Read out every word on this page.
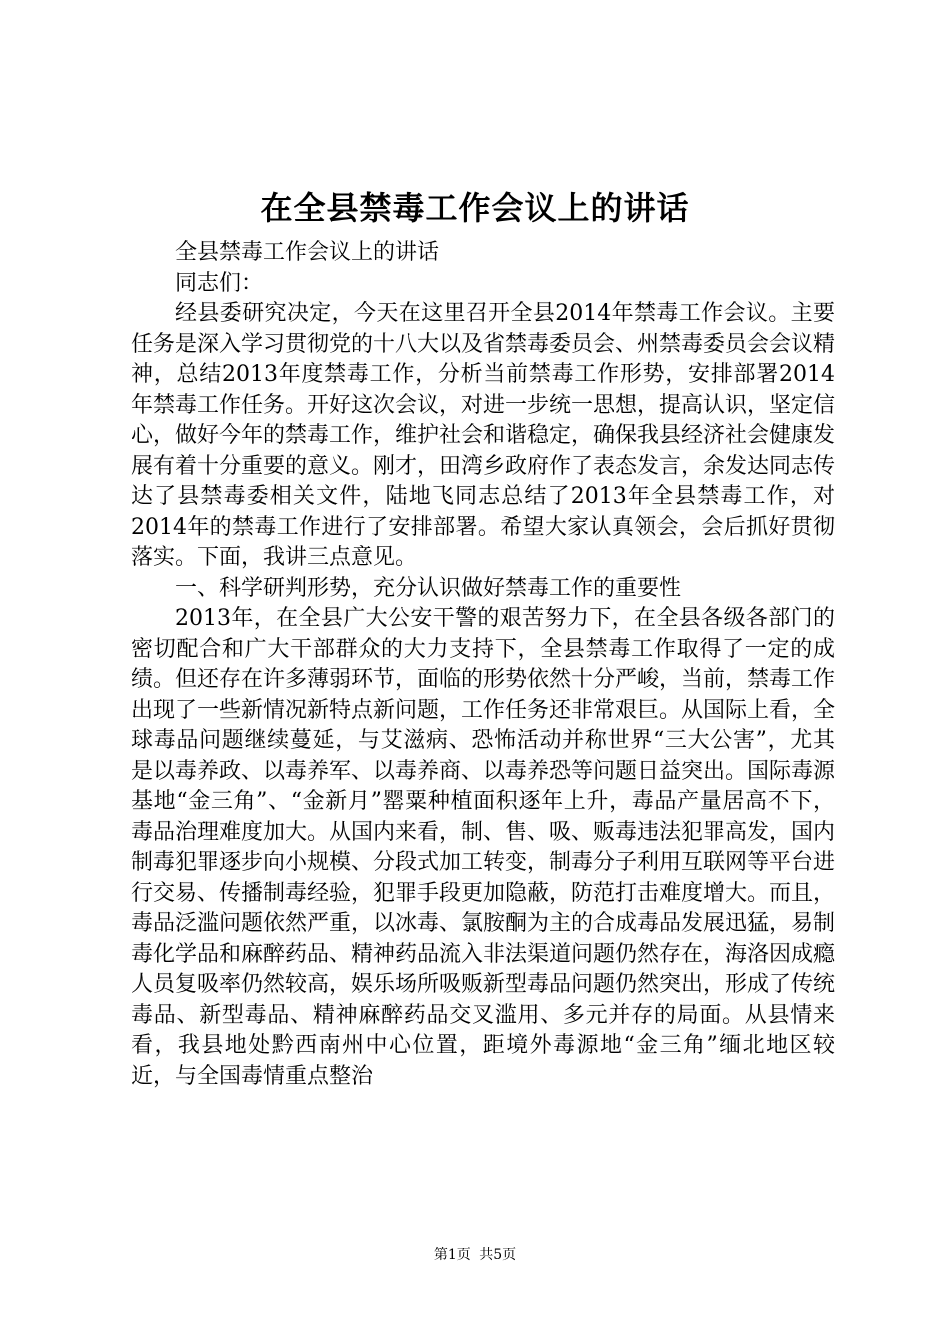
在全县禁毒工作会议上的讲话

全县禁毒工作会议上的讲话

同志们：

经县委研究决定，今天在这里召开全县2014年禁毒工作会议。主要任务是深入学习贯彻党的十八大以及省禁毒委员会、州禁毒委员会会议精神，总结2013年度禁毒工作，分析当前禁毒工作形势，安排部署2014年禁毒工作任务。开好这次会议，对进一步统一思想，提高认识，坚定信心，做好今年的禁毒工作，维护社会和谐稳定，确保我县经济社会健康发展有着十分重要的意义。刚才，田湾乡政府作了表态发言，余发达同志传达了县禁毒委相关文件，陆地飞同志总结了2013年全县禁毒工作，对2014年的禁毒工作进行了安排部署。希望大家认真领会，会后抓好贯彻落实。下面，我讲三点意见。

一、科学研判形势，充分认识做好禁毒工作的重要性

2013年，在全县广大公安干警的艰苦努力下，在全县各级各部门的密切配合和广大干部群众的大力支持下，全县禁毒工作取得了一定的成绩。但还存在许多薄弱环节，面临的形势依然十分严峻，当前，禁毒工作出现了一些新情况新特点新问题，工作任务还非常艰巨。从国际上看，全球毒品问题继续蔓延，与艾滋病、恐怖活动并称世界“三大公害”，尤其是以毒养政、以毒养军、以毒养商、以毒养恐等问题日益突出。国际毒源基地“金三角”、“金新月”罂粟种植面积逐年上升，毒品产量居高不下，毒品治理难度加大。从国内来看，制、售、吸、贩毒违法犯罪高发，国内制毒犯罪逐步向小规模、分段式加工转变，制毒分子利用互联网等平台进行交易、传播制毒经验，犯罪手段更加隐蔽，防范打击难度增大。而且，毒品泛滥问题依然严重，以冰毒、氯胺酮为主的合成毒品发展迅猛，易制毒化学品和麻醉药品、精神药品流入非法渠道问题仍然存在，海洛因成瘾人员复吸率仍然较高，娱乐场所吸贩新型毒品问题仍然突出，形成了传统毒品、新型毒品、精神麻醉药品交叉滥用、多元并存的局面。从县情来看，我县地处黔西南州中心位置，距境外毒源地“金三角”缅北地区较近，与全国毒情重点整治

第1页 共5页
